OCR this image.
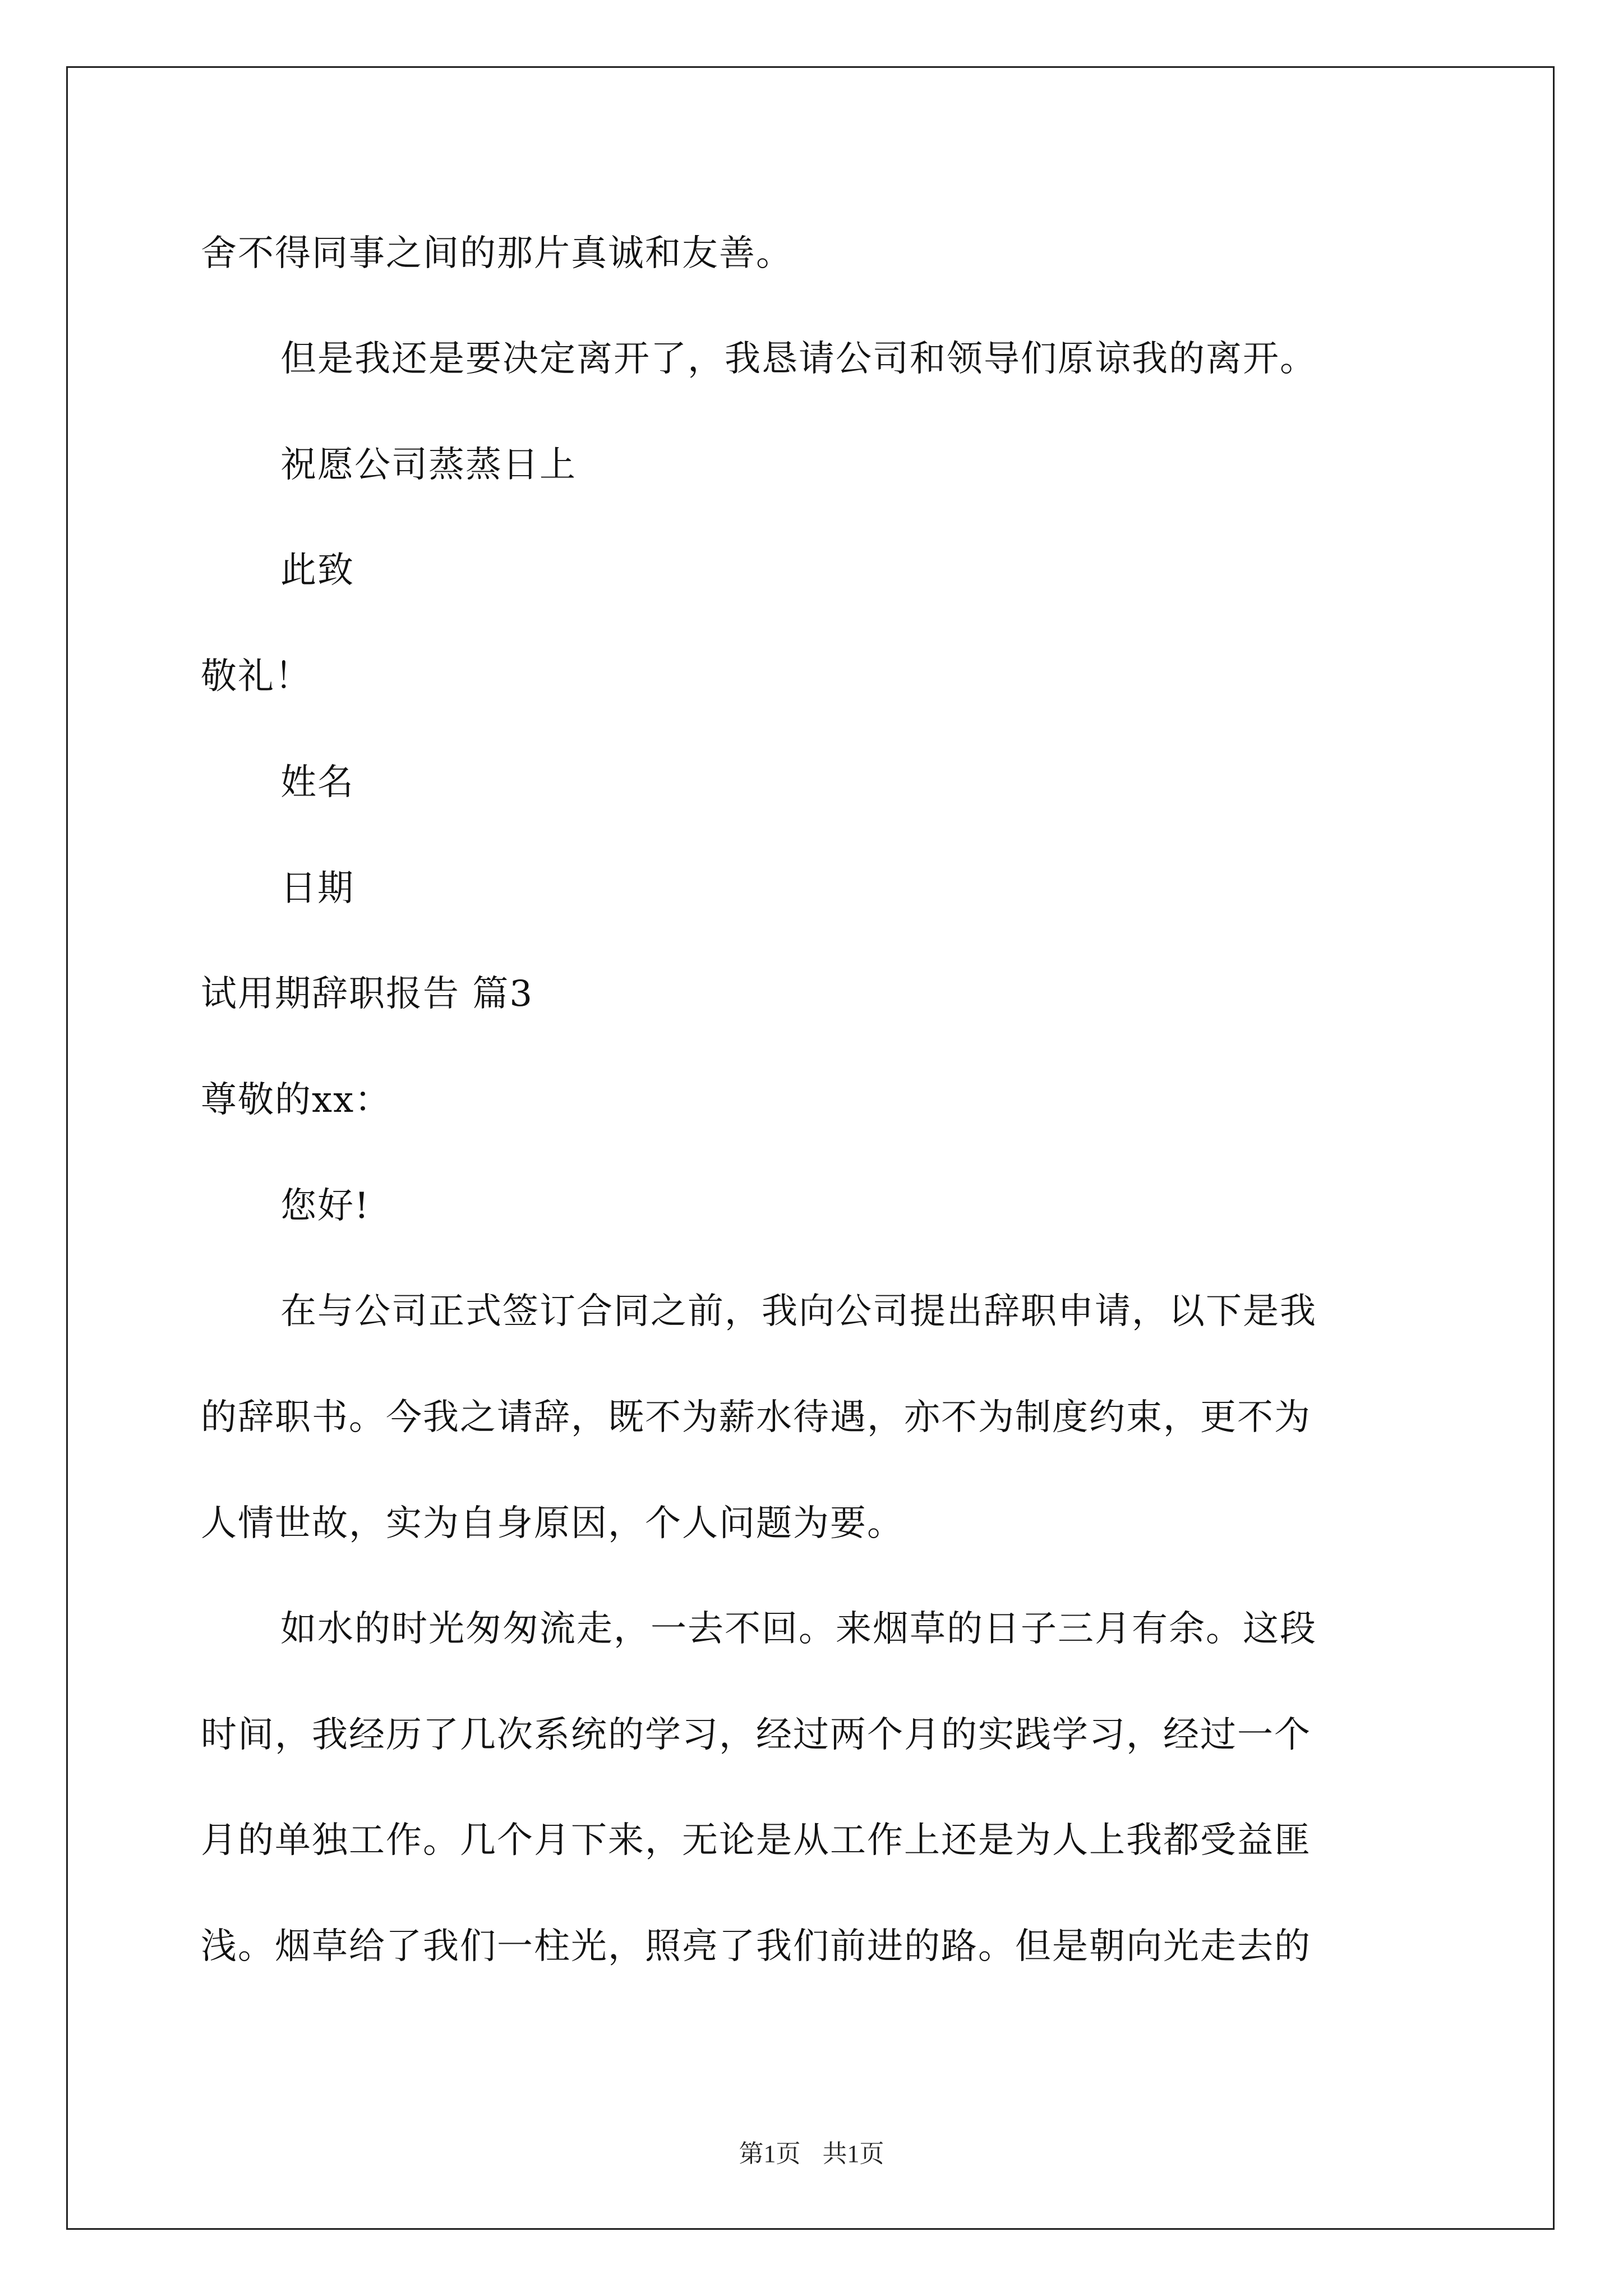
舍不得同事之间的那片真诚和友善。
但是我还是要决定离开了，我恳请公司和领导们原谅我的离开。
祝愿公司蒸蒸日上
此致
敬礼！
姓名
日期
试用期辞职报告 篇3
尊敬的xx：
您好!
在与公司正式签订合同之前，我向公司提出辞职申请，以下是我
的辞职书。今我之请辞，既不为薪水待遇，亦不为制度约束，更不为
人情世故，实为自身原因，个人问题为要。
如水的时光匆匆流走，一去不回。来烟草的日子三月有余。这段
时间，我经历了几次系统的学习，经过两个月的实践学习，经过一个
月的单独工作。几个月下来，无论是从工作上还是为人上我都受益匪
浅。烟草给了我们一柱光，照亮了我们前进的路。但是朝向光走去的
第1页 共1页
